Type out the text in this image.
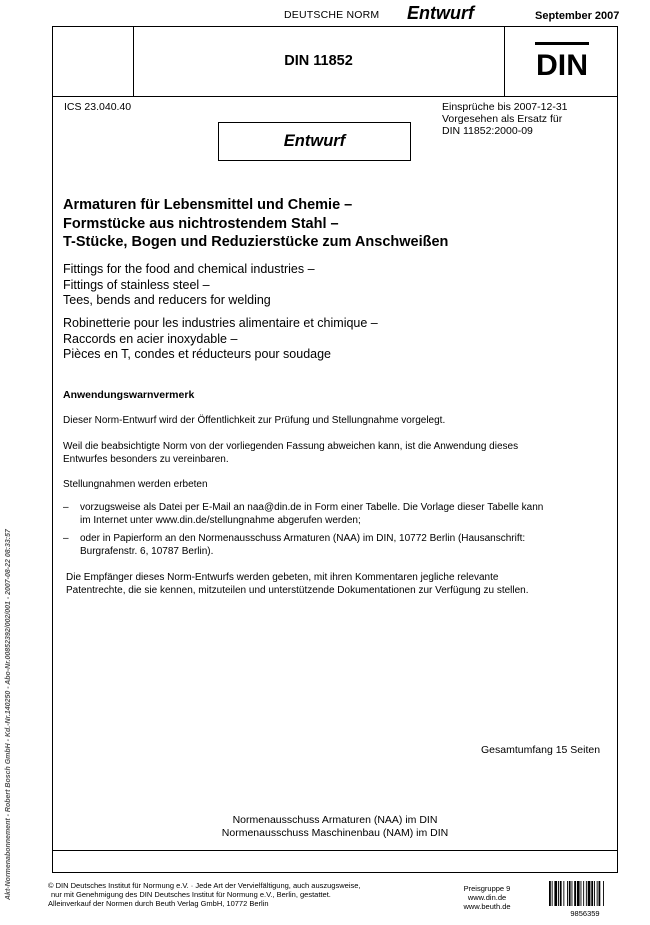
DEUTSCHE NORM Entwurf	September 2007
DIN 11852	DIN
ICS 23.040.40	Einsprüche bis 2007-12-31
Vorgesehen als Ersatz für
DIN 11852:2000-09
Entwurf
Armaturen für Lebensmittel und Chemie –
Formstücke aus nichtrostendem Stahl –
T-Stücke, Bogen und Reduzierstücke zum Anschweißen
Fittings for the food and chemical industries –
Fittings of stainless steel –
Tees, bends and reducers for welding
Robinetterie pour les industries alimentaire et chimique –
Raccords en acier inoxydable –
Pièces en T, condes et réducteurs pour soudage
Anwendungswarnvermerk
Dieser Norm-Entwurf wird der Öffentlichkeit zur Prüfung und Stellungnahme vorgelegt.
Weil die beabsichtigte Norm von der vorliegenden Fassung abweichen kann, ist die Anwendung dieses
Entwurfes besonders zu vereinbaren.
Stellungnahmen werden erbeten
– vorzugsweise als Datei per E-Mail an naa@din.de in Form einer Tabelle. Die Vorlage dieser Tabelle kann
im Internet unter www.din.de/stellungnahme abgerufen werden;
– oder in Papierform an den Normenausschuss Armaturen (NAA) im DIN, 10772 Berlin (Hausanschrift:
Burgrafenstr. 6, 10787 Berlin).
Die Empfänger dieses Norm-Entwurfs werden gebeten, mit ihren Kommentaren jegliche relevante
Patentrechte, die sie kennen, mitzuteilen und unterstützende Dokumentationen zur Verfügung zu stellen.
Gesamtumfang 15 Seiten
Normenausschuss Armaturen (NAA) im DIN
Normenausschuss Maschinenbau (NAM) im DIN
© DIN Deutsches Institut für Normung e.V. · Jede Art der Vervielfältigung, auch auszugsweise,
nur mit Genehmigung des DIN Deutsches Institut für Normung e.V., Berlin, gestattet.
Alleinverkauf der Normen durch Beuth Verlag GmbH, 10772 Berlin
Preisgruppe 9
www.din.de
www.beuth.de
9856359
Akt-Normenabonnement - Robert Bosch GmbH - Kd.-Nr.140250 - Abo-Nr.00852392/002/001 - 2007-08-22 08:33:57
